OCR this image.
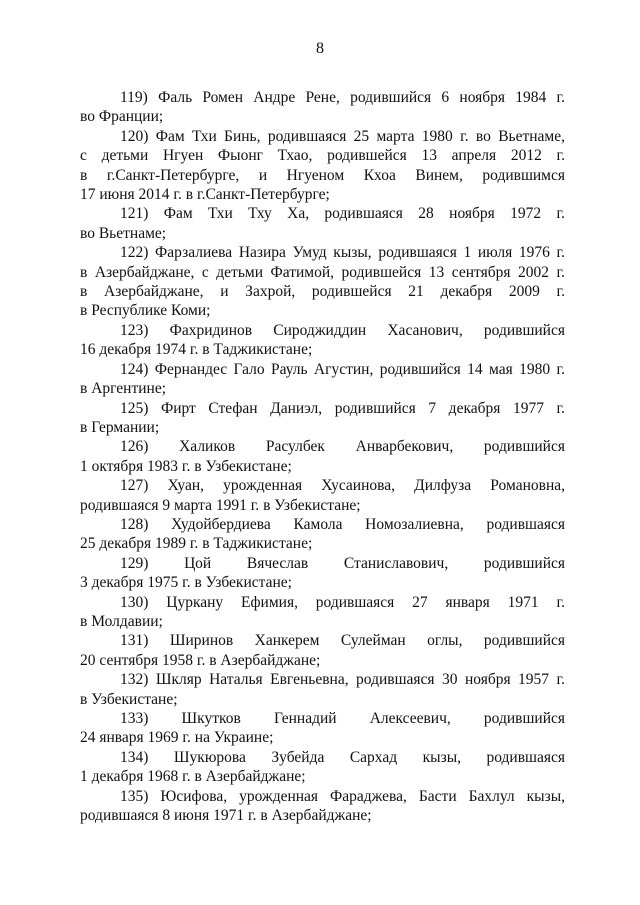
8
119) Фаль Ромен Андре Рене, родившийся 6 ноября 1984 г.
во Франции;
120) Фам Тхи Бинь, родившаяся 25 марта 1980 г. во Вьетнаме,
с детьми Нгуен Фыонг Тхао, родившейся 13 апреля 2012 г.
в г.Санкт-Петербурге, и Нгуеном Кхоа Винем, родившимся
17 июня 2014 г. в г.Санкт-Петербурге;
121) Фам Тхи Тху Ха, родившаяся 28 ноября 1972 г.
во Вьетнаме;
122) Фарзалиева Назира Умуд кызы, родившаяся 1 июля 1976 г.
в Азербайджане, с детьми Фатимой, родившейся 13 сентября 2002 г.
в Азербайджане, и Захрой, родившейся 21 декабря 2009 г.
в Республике Коми;
123) Фахридинов Сироджиддин Хасанович, родившийся
16 декабря 1974 г. в Таджикистане;
124) Фернандес Гало Рауль Агустин, родившийся 14 мая 1980 г.
в Аргентине;
125) Фирт Стефан Даниэл, родившийся 7 декабря 1977 г.
в Германии;
126) Халиков Расулбек Анварбекович, родившийся
1 октября 1983 г. в Узбекистане;
127) Хуан, урожденная Хусаинова, Дилфуза Романовна,
родившаяся 9 марта 1991 г. в Узбекистане;
128) Худойбердиева Камола Номозалиевна, родившаяся
25 декабря 1989 г. в Таджикистане;
129) Цой Вячеслав Станиславович, родившийся
3 декабря 1975 г. в Узбекистане;
130) Цуркану Ефимия, родившаяся 27 января 1971 г.
в Молдавии;
131) Ширинов Ханкерем Сулейман оглы, родившийся
20 сентября 1958 г. в Азербайджане;
132) Шкляр Наталья Евгеньевна, родившаяся 30 ноября 1957 г.
в Узбекистане;
133) Шкутков Геннадий Алексеевич, родившийся
24 января 1969 г. на Украине;
134) Шукюрова Зубейда Сархад кызы, родившаяся
1 декабря 1968 г. в Азербайджане;
135) Юсифова, урожденная Фараджева, Басти Бахлул кызы,
родившаяся 8 июня 1971 г. в Азербайджане;
